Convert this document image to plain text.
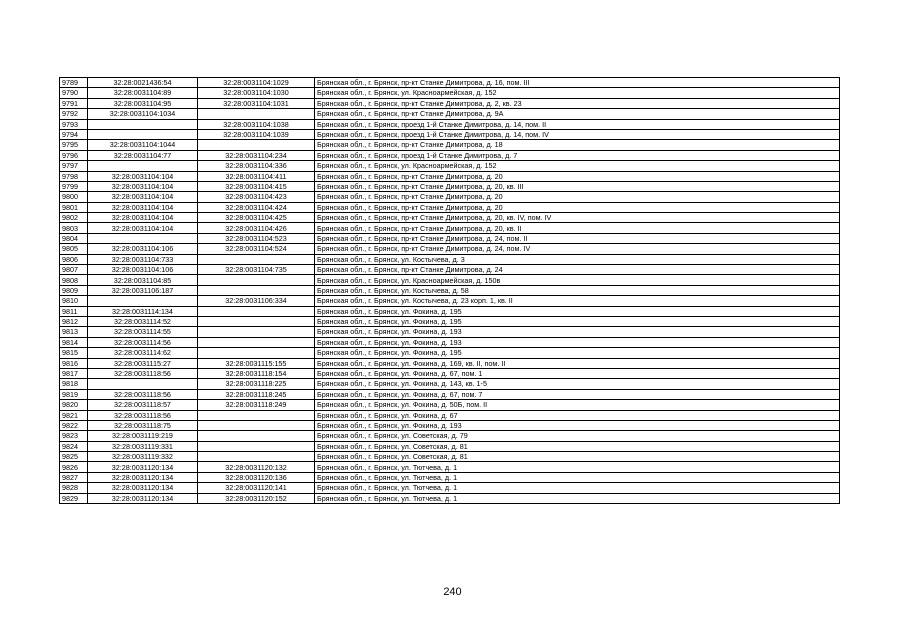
9789	32:28:0021436:54	32:28:0031104:1029	Брянская обл., г. Брянск, пр-кт Станке Димитрова, д. 16, пом. III
9790	32:28:0031104:89	32:28:0031104:1030	Брянская обл., г. Брянск, ул. Красноармейская, д. 152
9791	32:28:0031104:95	32:28:0031104:1031	Брянская обл., г. Брянск, пр-кт Станке Димитрова, д. 2, кв. 23
9792	32:28:0031104:1034		Брянская обл., г. Брянск, пр-кт Станке Димитрова, д. 9А
9793		32:28:0031104:1038	Брянская обл., г. Брянск, проезд 1-й Станке Димитрова, д. 14, пом. II
9794		32:28:0031104:1039	Брянская обл., г. Брянск, проезд 1-й Станке Димитрова, д. 14, пом. IV
9795	32:28:0031104:1044		Брянская обл., г. Брянск, пр-кт Станке Димитрова, д. 18
9796	32:28:0031104:77	32:28:0031104:234	Брянская обл., г. Брянск, проезд 1-й Станке Димитрова, д. 7
9797		32:28:0031104:336	Брянская обл., г. Брянск, ул. Красноармейская, д. 152
9798	32:28:0031104:104	32:28:0031104:411	Брянская обл., г. Брянск, пр-кт Станке Димитрова, д. 20
9799	32:28:0031104:104	32:28:0031104:415	Брянская обл., г. Брянск, пр-кт Станке Димитрова, д. 20, кв. III
9800	32:28:0031104:104	32:28:0031104:423	Брянская обл., г. Брянск, пр-кт Станке Димитрова, д. 20
9801	32:28:0031104:104	32:28:0031104:424	Брянская обл., г. Брянск, пр-кт Станке Димитрова, д. 20
9802	32:28:0031104:104	32:28:0031104:425	Брянская обл., г. Брянск, пр-кт Станке Димитрова, д. 20, кв. IV, пом. IV
9803	32:28:0031104:104	32:28:0031104:426	Брянская обл., г. Брянск, пр-кт Станке Димитрова, д. 20, кв. II
9804		32:28:0031104:523	Брянская обл., г. Брянск, пр-кт Станке Димитрова, д. 24, пом. II
9805	32:28:0031104:106	32:28:0031104:524	Брянская обл., г. Брянск, пр-кт Станке Димитрова, д. 24, пом. IV
9806	32:28:0031104:733		Брянская обл., г. Брянск, ул. Костычева, д. 3
9807	32:28:0031104:106	32:28:0031104:735	Брянская обл., г. Брянск, пр-кт Станке Димитрова, д. 24
9808	32:28:0031104:85		Брянская обл., г. Брянск, ул. Красноармейская, д. 150в
9809	32:28:0031106:187		Брянская обл., г. Брянск, ул. Костычева, д. 58
9810		32:28:0031106:334	Брянская обл., г. Брянск, ул. Костычева, д. 23 корп. 1, кв. II
9811	32:28:0031114:134		Брянская обл., г. Брянск, ул. Фокина, д. 195
9812	32:28:0031114:52		Брянская обл., г. Брянск, ул. Фокина, д. 195
9813	32:28:0031114:55		Брянская обл., г. Брянск, ул. Фокина, д. 193
9814	32:28:0031114:56		Брянская обл., г. Брянск, ул. Фокина, д. 193
9815	32:28:0031114:62		Брянская обл., г. Брянск, ул. Фокина, д. 195
9816	32:28:0031115:27	32:28:0031115:155	Брянская обл., г. Брянск, ул. Фокина, д. 169, кв. II, пом. II
9817	32:28:0031118:56	32:28:0031118:154	Брянская обл., г. Брянск, ул. Фокина, д. 67, пом. 1
9818		32:28:0031118:225	Брянская обл., г. Брянск, ул. Фокина, д. 143, кв. 1-5
9819	32:28:0031118:56	32:28:0031118:245	Брянская обл., г. Брянск, ул. Фокина, д. 67, пом. 7
9820	32:28:0031118:57	32:28:0031118:249	Брянская обл., г. Брянск, ул. Фокина, д. 50Б, пом. II
9821	32:28:0031118:56		Брянская обл., г. Брянск, ул. Фокина, д. 67
9822	32:28:0031118:75		Брянская обл., г. Брянск, ул. Фокина, д. 193
9823	32:28:0031119:219		Брянская обл., г. Брянск, ул. Советская, д. 79
9824	32:28:0031119:331		Брянская обл., г. Брянск, ул. Советская, д. 81
9825	32:28:0031119:332		Брянская обл., г. Брянск, ул. Советская, д. 81
9826	32:28:0031120:134	32:28:0031120:132	Брянская обл., г. Брянск, ул. Тютчева, д. 1
9827	32:28:0031120:134	32:28:0031120:136	Брянская обл., г. Брянск, ул. Тютчева, д. 1
9828	32:28:0031120:134	32:28:0031120:141	Брянская обл., г. Брянск, ул. Тютчева, д. 1
9829	32:28:0031120:134	32:28:0031120:152	Брянская обл., г. Брянск, ул. Тютчева, д. 1
240
